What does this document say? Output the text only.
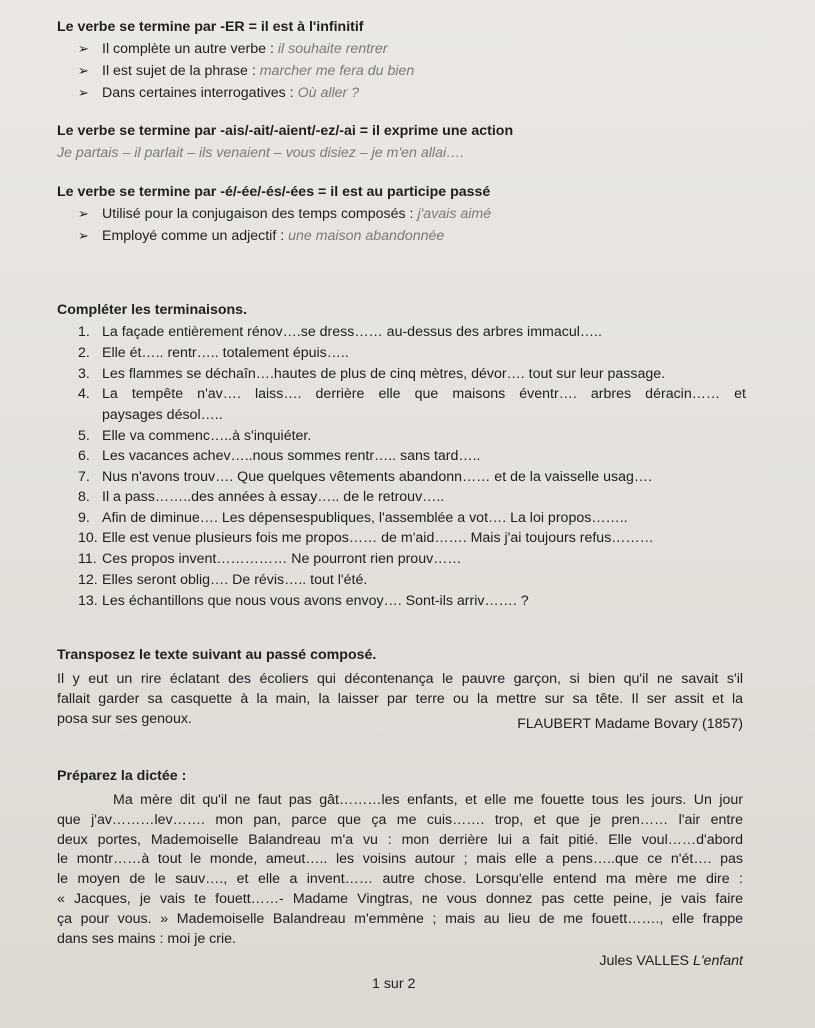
Le verbe se termine par -ER = il est à l'infinitif
➢ Il complète un autre verbe : il souhaite rentrer
➢ Il est sujet de la phrase : marcher me fera du bien
➢ Dans certaines interrogatives : Où aller ?
Le verbe se termine par -ais/-ait/-aient/-ez/-ai = il exprime une action
Je partais – il parlait – ils venaient – vous disiez – je m'en allai….
Le verbe se termine par -é/-ée/-és/-ées = il est au participe passé
➢ Utilisé pour la conjugaison des temps composés : j'avais aimé
➢ Employé comme un adjectif : une maison abandonnée
Compléter les terminaisons.
1. La façade entièrement rénov….se dress…… au-dessus des arbres immacul…..
2. Elle ét….. rentr….. totalement épuis…..
3. Les flammes se déchaîn….hautes de plus de cinq mètres, dévor…. tout sur leur passage.
4. La tempête n'av…. laiss…. derrière elle que maisons éventr…. arbres déracin…… et
paysages désol…..
5. Elle va commenc…..à s'inquiéter.
6. Les vacances achev…..nous sommes rentr….. sans tard…..
7. Nus n'avons trouv…. Que quelques vêtements abandonn…… et de la vaisselle usag….
8. Il a pass……..des années à essay….. de le retrouv…..
9. Afin de diminue…. Les dépensespubliques, l'assemblée a vot…. La loi propos……..
10. Elle est venue plusieurs fois me propos…… de m'aid……. Mais j'ai toujours refus………
11. Ces propos invent…………… Ne pourront rien prouv……
12. Elles seront oblig…. De révis….. tout l'été.
13. Les échantillons que nous vous avons envoy…. Sont-ils arriv……. ?
Transposez le texte suivant au passé composé.
Il y eut un rire éclatant des écoliers qui décontenança le pauvre garçon, si bien qu'il ne savait s'il
fallait garder sa casquette à la main, la laisser par terre ou la mettre sur sa tête. Il ser assit et la
posa sur ses genoux.	FLAUBERT Madame Bovary (1857)
Préparez la dictée :
Ma mère dit qu'il ne faut pas gât………les enfants, et elle me fouette tous les jours. Un jour
que j'av………lev……. mon pan, parce que ça me cuis……. trop, et que je pren…… l'air entre
deux portes, Mademoiselle Balandreau m'a vu : mon derrière lui a fait pitié. Elle voul……d'abord
le montr……à tout le monde, ameut….. les voisins autour ; mais elle a pens…..que ce n'ét…. pas
le moyen de le sauv…., et elle a invent…… autre chose. Lorsqu'elle entend ma mère me dire :
« Jacques, je vais te fouett……- Madame Vingtras, ne vous donnez pas cette peine, je vais faire
ça pour vous. » Mademoiselle Balandreau m'emmène ; mais au lieu de me fouett……., elle frappe
dans ses mains : moi je crie.
Jules VALLES L'enfant
1 sur 2
